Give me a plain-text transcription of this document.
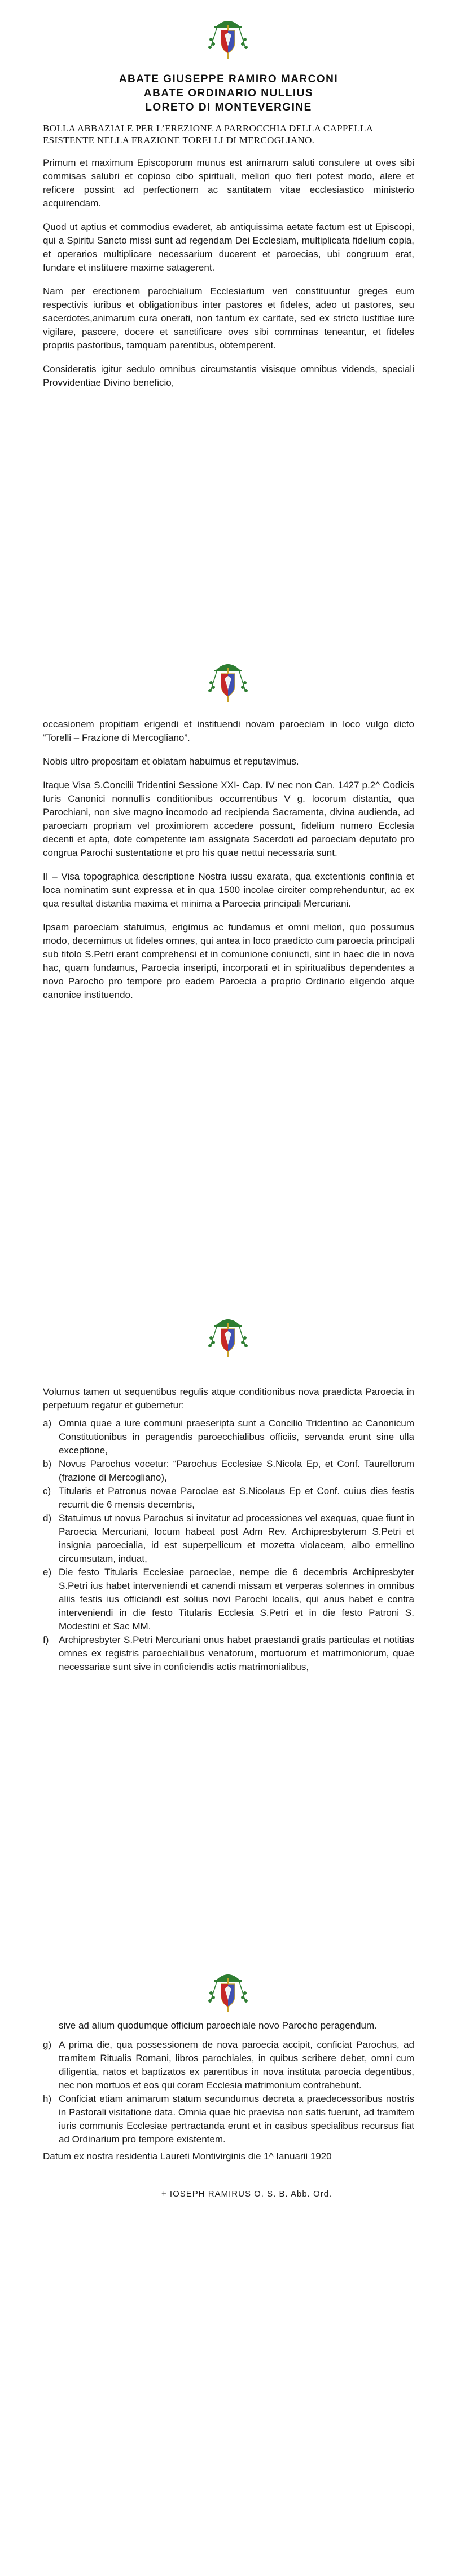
ABATE GIUSEPPE RAMIRO MARCONI
ABATE ORDINARIO NULLIUS
LORETO DI MONTEVERGINE
BOLLA ABBAZIALE PER L’EREZIONE A PARROCCHIA DELLA CAPPELLA ESISTENTE NELLA FRAZIONE TORELLI DI MERCOGLIANO.

Primum et maximum Episcoporum munus est animarum saluti consulere ut oves sibi commisas salubri et copioso cibo spirituali, meliori quo fieri potest modo, alere et reficere possint ad perfectionem ac santitatem vitae ecclesiastico ministerio acquirendam.

Quod ut aptius et commodius evaderet, ab antiquissima aetate factum est ut Episcopi, qui a Spiritu Sancto missi sunt ad regendam Dei Ecclesiam, multiplicata fidelium copia, et operarios multiplicare necessarium ducerent et paroecias, ubi congruum erat, fundare et instituere maxime satagerent.

Nam per erectionem parochialium Ecclesiarium veri constituuntur greges eum respectivis iuribus et obligationibus inter pastores et fideles, adeo ut pastores, seu sacerdotes,animarum cura onerati, non tantum ex caritate, sed ex stricto iustitiae iure vigilare, pascere, docere et sanctificare oves sibi comminas teneantur, et fideles propriis pastoribus, tamquam parentibus, obtemperent.

Consideratis igitur sedulo omnibus circumstantis visisque omnibus vidends, speciali Provvidentiae Divino beneficio,

occasionem propitiam erigendi et instituendi novam paroeciam in loco vulgo dicto “Torelli – Frazione di Mercogliano”.

Nobis ultro propositam et oblatam habuimus et reputavimus.

Itaque Visa S.Concilii Tridentini Sessione XXI- Cap. IV nec non Can. 1427 p.2^ Codicis Iuris Canonici nonnullis conditionibus occurrentibus V g. locorum distantia, qua Parochiani, non sive magno incomodo ad recipienda Sacramenta, divina audienda, ad paroeciam propriam vel proximiorem accedere possunt, fidelium numero Ecclesia decenti et apta, dote competente iam assignata Sacerdoti ad paroeciam deputato pro congrua Parochi sustentatione et pro his quae nettui necessaria sunt.

II – Visa topographica descriptione Nostra iussu exarata, qua exctentionis confinia et loca nominatim sunt expressa et in qua 1500 incolae circiter comprehenduntur, ac ex qua resultat distantia maxima et minima a Paroecia principali Mercuriani.

Ipsam paroeciam statuimus, erigimus ac fundamus et omni meliori, quo possumus modo, decernimus ut fideles omnes, qui antea in loco praedicto cum paroecia principali sub titolo S.Petri erant comprehensi et in comunione coniuncti, sint in haec die in nova hac, quam fundamus, Paroecia inseripti, incorporati et in spiritualibus dependentes a novo Parocho pro tempore pro eadem Paroecia a proprio Ordinario eligendo atque canonice instituendo.

Volumus tamen ut sequentibus regulis atque conditionibus nova praedicta Paroecia in perpetuum regatur et gubernetur:

a) Omnia quae a iure communi praeseripta sunt a Concilio Tridentino ac Canonicum Constitutionibus in peragendis paroecchialibus officiis, servanda erunt sine ulla exceptione,
b) Novus Parochus vocetur: “Parochus Ecclesiae S.Nicola Ep, et Conf. Taurellorum (frazione di Mercogliano),
c) Titularis et Patronus novae Paroclae est S.Nicolaus Ep et Conf. cuius dies festis recurrit die 6 mensis decembris,
d) Statuimus ut novus Parochus si invitatur ad processiones vel exequas, quae fiunt in Paroecia Mercuriani, locum habeat post Adm Rev. Archipresbyterum S.Petri et insignia paroecialia, id est superpellicum et mozetta violaceam, albo ermellino circumsutam, induat,
e) Die festo Titularis Ecclesiae paroeclae, nempe die 6 decembris Archipresbyter S.Petri ius habet interveniendi et canendi missam et verperas solennes in omnibus aliis festis ius officiandi est solius novi Parochi localis, qui anus habet e contra interveniendi in die festo Titularis Ecclesia S.Petri et in die festo Patroni S. Modestini et Sac MM.
f) Archipresbyter S.Petri Mercuriani onus habet praestandi gratis particulas et notitias omnes ex registris paroechialibus venatorum, mortuorum et matrimoniorum, quae necessariae sunt sive in conficiendis actis matrimonialibus,
sive ad alium quodumque officium paroechiale novo Parocho peragendum.
g) A prima die, qua possessionem de nova paroecia accipit, conficiat Parochus, ad tramitem Ritualis Romani, libros parochiales, in quibus scribere debet, omni cum diligentia, natos et baptizatos ex parentibus in nova instituta paroecia degentibus, nec non mortuos et eos qui coram Ecclesia matrimonium contrahebunt.
h) Conficiat etiam animarum statum secundumus decreta a praedecessoribus nostris in Pastorali visitatione data. Omnia quae hic praevisa non satis fuerunt, ad tramitem iuris communis Ecclesiae pertractanda erunt et in casibus specialibus recursus fiat ad Ordinarium pro tempore existentem.

Datum ex nostra residentia Laureti Montivirginis die 1^ Ianuarii 1920

+ IOSEPH RAMIRUS O. S. B. Abb. Ord.
